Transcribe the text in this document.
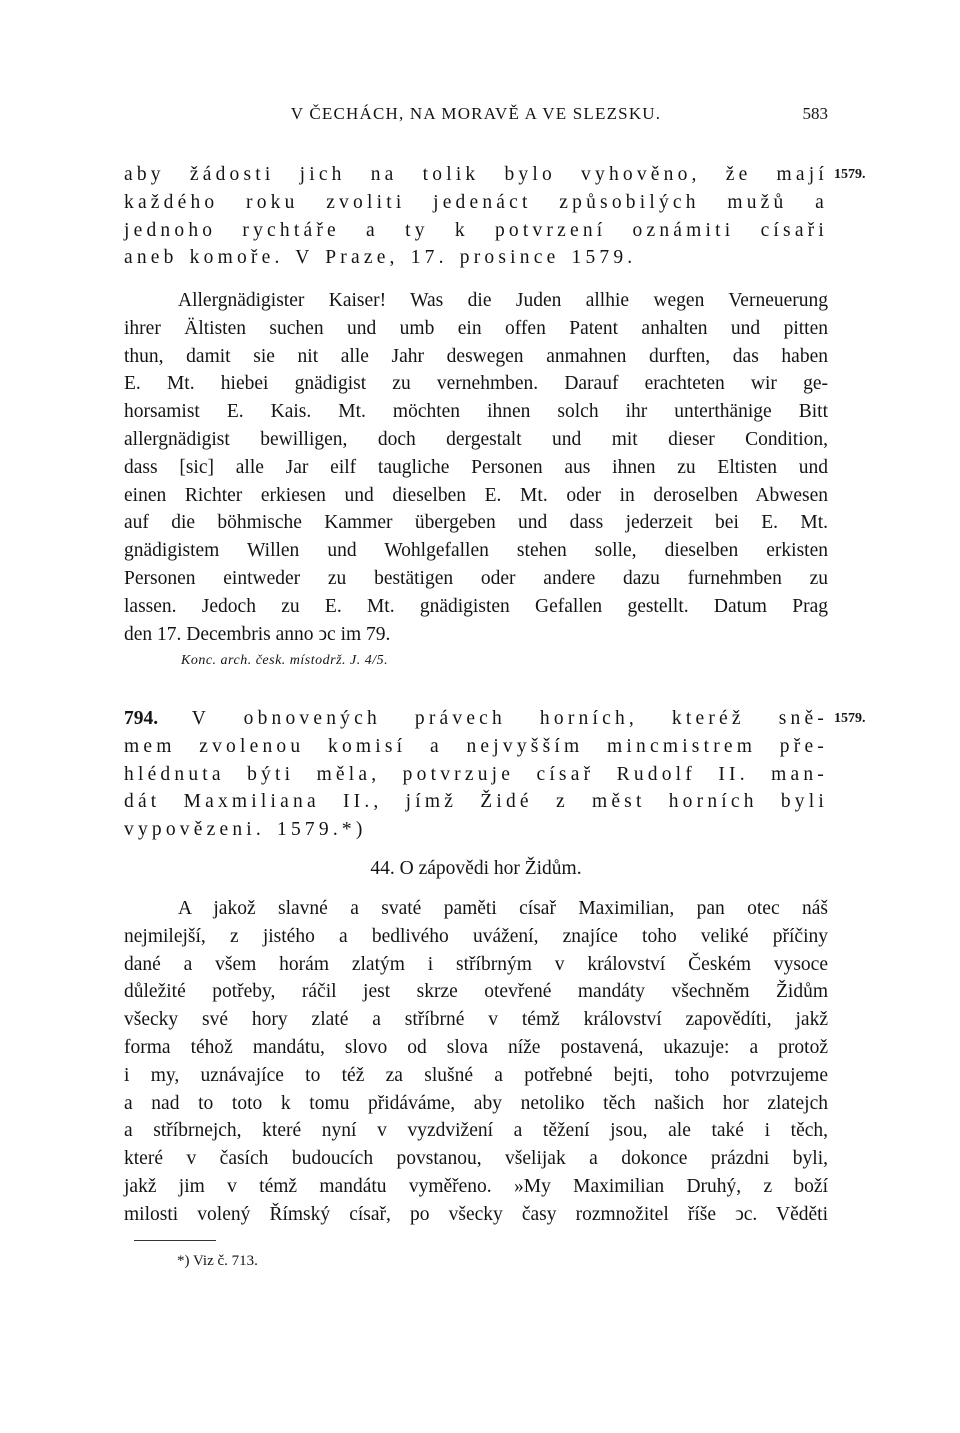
V ČECHÁCH, NA MORAVĚ A VE SLEZSKU.	583
aby žádosti jich na tolik bylo vyhověno, že mají
každého roku zvoliti jedenáct způsobilých mužů a
jednoho rychtáře a ty k potvrzení oznámiti císaři
aneb komoře. V Praze, 17. prosince 1579.
1579.
Allergnädigister Kaiser! Was die Juden allhie wegen Verneuerung
ihrer Ältisten suchen und umb ein offen Patent anhalten und pitten
thun, damit sie nit alle Jahr deswegen anmahnen durften, das haben
E. Mt. hiebei gnädigist zu vernehmben. Darauf erachteten wir ge-
horsamist E. Kais. Mt. möchten ihnen solch ihr unterthänige Bitt
allergnädigist bewilligen, doch dergestalt und mit dieser Condition,
dass [sic] alle Jar eilf taugliche Personen aus ihnen zu Eltisten und
einen Richter erkiesen und dieselben E. Mt. oder in deroselben Abwesen
auf die böhmische Kammer übergeben und dass jederzeit bei E. Mt.
gnädigistem Willen und Wohlgefallen stehen solle, dieselben erkisten
Personen eintweder zu bestätigen oder andere dazu furnehmben zu
lassen. Jedoch zu E. Mt. gnädigisten Gefallen gestellt. Datum Prag
den 17. Decembris anno ͻc im 79.
Konc. arch. česk. místodrž. J. 4/5.
794. V obnovených právech horních, kteréž sně-
mem zvolenou komisí a nejvyšším mincmistrem pře-
hlédnuta býti měla, potvrzuje císař Rudolf II. man-
dát Maxmiliana II., jímž Židé z měst horních byli
vypovězeni. 1579.*)
1579.
44. O zápovědi hor Židům.
A jakož slavné a svaté paměti císař Maximilian, pan otec náš
nejmilejší, z jistého a bedlivého uvážení, znajíce toho veliké příčiny
dané a všem horám zlatým i stříbrným v království Českém vysoce
důležité potřeby, ráčil jest skrze otevřené mandáty všechněm Židům
všecky své hory zlaté a stříbrné v témž království zapovědíti, jakž
forma téhož mandátu, slovo od slova níže postavená, ukazuje: a protož
i my, uznávajíce to též za slušné a potřebné bejti, toho potvrzujeme
a nad to toto k tomu přidáváme, aby netoliko těch našich hor zlatejch
a stříbrnejch, které nyní v vyzdvižení a těžení jsou, ale také i těch,
které v časích budoucích povstanou, všelijak a dokonce prázdni byli,
jakž jim v témž mandátu vyměřeno. »My Maximilian Druhý, z boží
milosti volený Římský císař, po všecky časy rozmnožitel říše ͻc. Věděti
*) Viz č. 713.
